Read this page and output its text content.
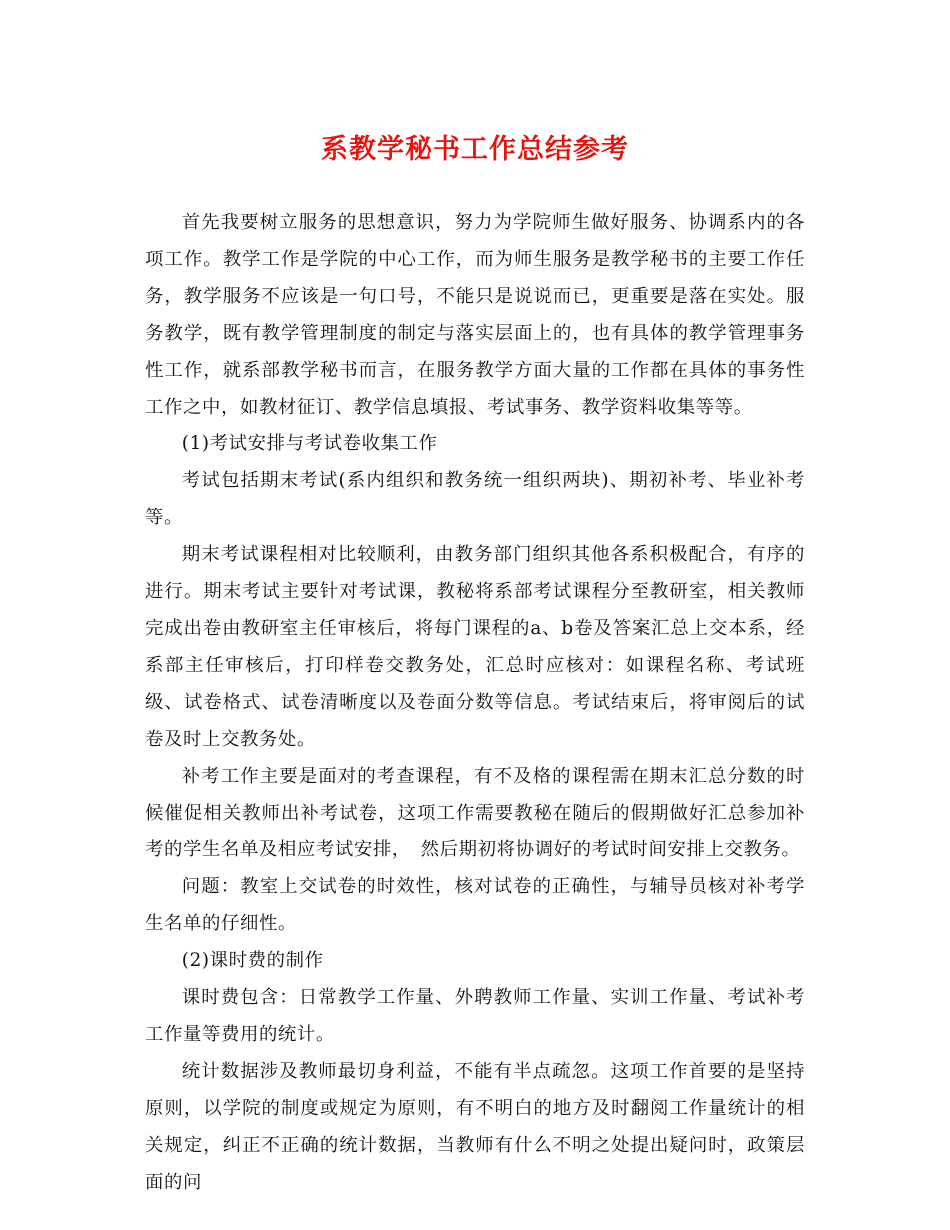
系教学秘书工作总结参考

首先我要树立服务的思想意识，努力为学院师生做好服务、协调系内的各项工作。教学工作是学院的中心工作，而为师生服务是教学秘书的主要工作任务，教学服务不应该是一句口号，不能只是说说而已，更重要是落在实处。服务教学，既有教学管理制度的制定与落实层面上的，也有具体的教学管理事务性工作，就系部教学秘书而言，在服务教学方面大量的工作都在具体的事务性工作之中，如教材征订、教学信息填报、考试事务、教学资料收集等等。

(1)考试安排与考试卷收集工作

考试包括期末考试(系内组织和教务统一组织两块)、期初补考、毕业补考等。

期末考试课程相对比较顺利，由教务部门组织其他各系积极配合，有序的进行。期末考试主要针对考试课，教秘将系部考试课程分至教研室，相关教师完成出卷由教研室主任审核后，将每门课程的a、b卷及答案汇总上交本系，经系部主任审核后，打印样卷交教务处，汇总时应核对：如课程名称、考试班级、试卷格式、试卷清晰度以及卷面分数等信息。考试结束后，将审阅后的试卷及时上交教务处。

补考工作主要是面对的考查课程，有不及格的课程需在期末汇总分数的时候催促相关教师出补考试卷，这项工作需要教秘在随后的假期做好汇总参加补考的学生名单及相应考试安排，　然后期初将协调好的考试时间安排上交教务。

问题：教室上交试卷的时效性，核对试卷的正确性，与辅导员核对补考学生名单的仔细性。

(2)课时费的制作

课时费包含：日常教学工作量、外聘教师工作量、实训工作量、考试补考工作量等费用的统计。

统计数据涉及教师最切身利益，不能有半点疏忽。这项工作首要的是坚持原则，以学院的制度或规定为原则，有不明白的地方及时翻阅工作量统计的相关规定，纠正不正确的统计数据，当教师有什么不明之处提出疑问时，政策层面的问
